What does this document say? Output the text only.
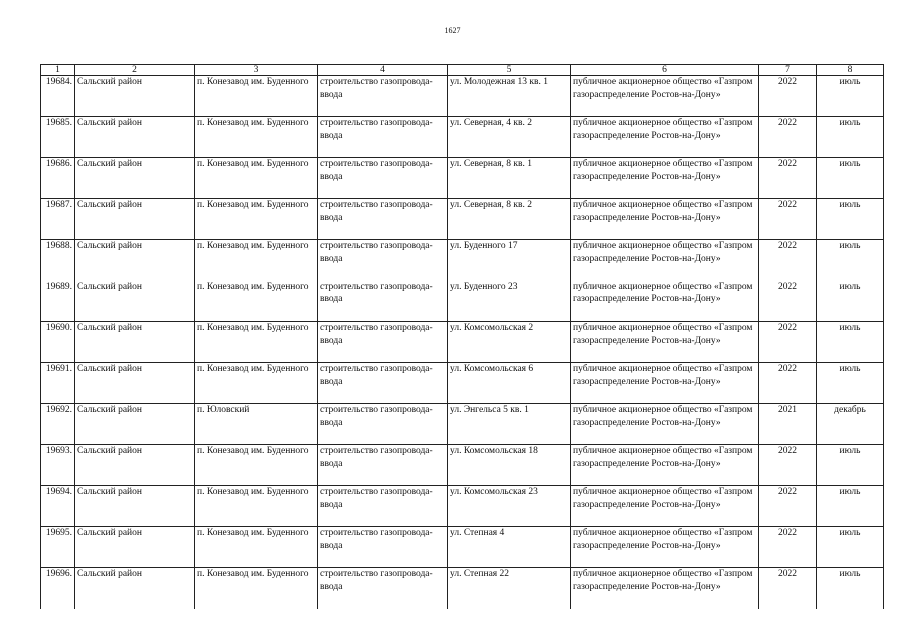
1627
1	2	3	4	5	6	7	8
19684.	Сальский район	п. Конезавод им. Буденного	строительство газопровода-ввода	ул. Молодежная 13 кв. 1	публичное акционерное общество «Газпром газораспределение Ростов-на-Дону»	2022	июль
19685.	Сальский район	п. Конезавод им. Буденного	строительство газопровода-ввода	ул. Северная, 4 кв. 2	публичное акционерное общество «Газпром газораспределение Ростов-на-Дону»	2022	июль
19686.	Сальский район	п. Конезавод им. Буденного	строительство газопровода-ввода	ул. Северная, 8 кв. 1	публичное акционерное общество «Газпром газораспределение Ростов-на-Дону»	2022	июль
19687.	Сальский район	п. Конезавод им. Буденного	строительство газопровода-ввода	ул. Северная, 8 кв. 2	публичное акционерное общество «Газпром газораспределение Ростов-на-Дону»	2022	июль
19688.	Сальский район	п. Конезавод им. Буденного	строительство газопровода-ввода	ул. Буденного 17	публичное акционерное общество «Газпром газораспределение Ростов-на-Дону»	2022	июль
19689.	Сальский район	п. Конезавод им. Буденного	строительство газопровода-ввода	ул. Буденного 23	публичное акционерное общество «Газпром газораспределение Ростов-на-Дону»	2022	июль
19690.	Сальский район	п. Конезавод им. Буденного	строительство газопровода-ввода	ул. Комсомольская 2	публичное акционерное общество «Газпром газораспределение Ростов-на-Дону»	2022	июль
19691.	Сальский район	п. Конезавод им. Буденного	строительство газопровода-ввода	ул. Комсомольская 6	публичное акционерное общество «Газпром газораспределение Ростов-на-Дону»	2022	июль
19692.	Сальский район	п. Юловский	строительство газопровода-ввода	ул. Энгельса 5 кв. 1	публичное акционерное общество «Газпром газораспределение Ростов-на-Дону»	2021	декабрь
19693.	Сальский район	п. Конезавод им. Буденного	строительство газопровода-ввода	ул. Комсомольская 18	публичное акционерное общество «Газпром газораспределение Ростов-на-Дону»	2022	июль
19694.	Сальский район	п. Конезавод им. Буденного	строительство газопровода-ввода	ул. Комсомольская 23	публичное акционерное общество «Газпром газораспределение Ростов-на-Дону»	2022	июль
19695.	Сальский район	п. Конезавод им. Буденного	строительство газопровода-ввода	ул. Степная 4	публичное акционерное общество «Газпром газораспределение Ростов-на-Дону»	2022	июль
19696.	Сальский район	п. Конезавод им. Буденного	строительство газопровода-ввода	ул. Степная 22	публичное акционерное общество «Газпром газораспределение Ростов-на-Дону»	2022	июль
